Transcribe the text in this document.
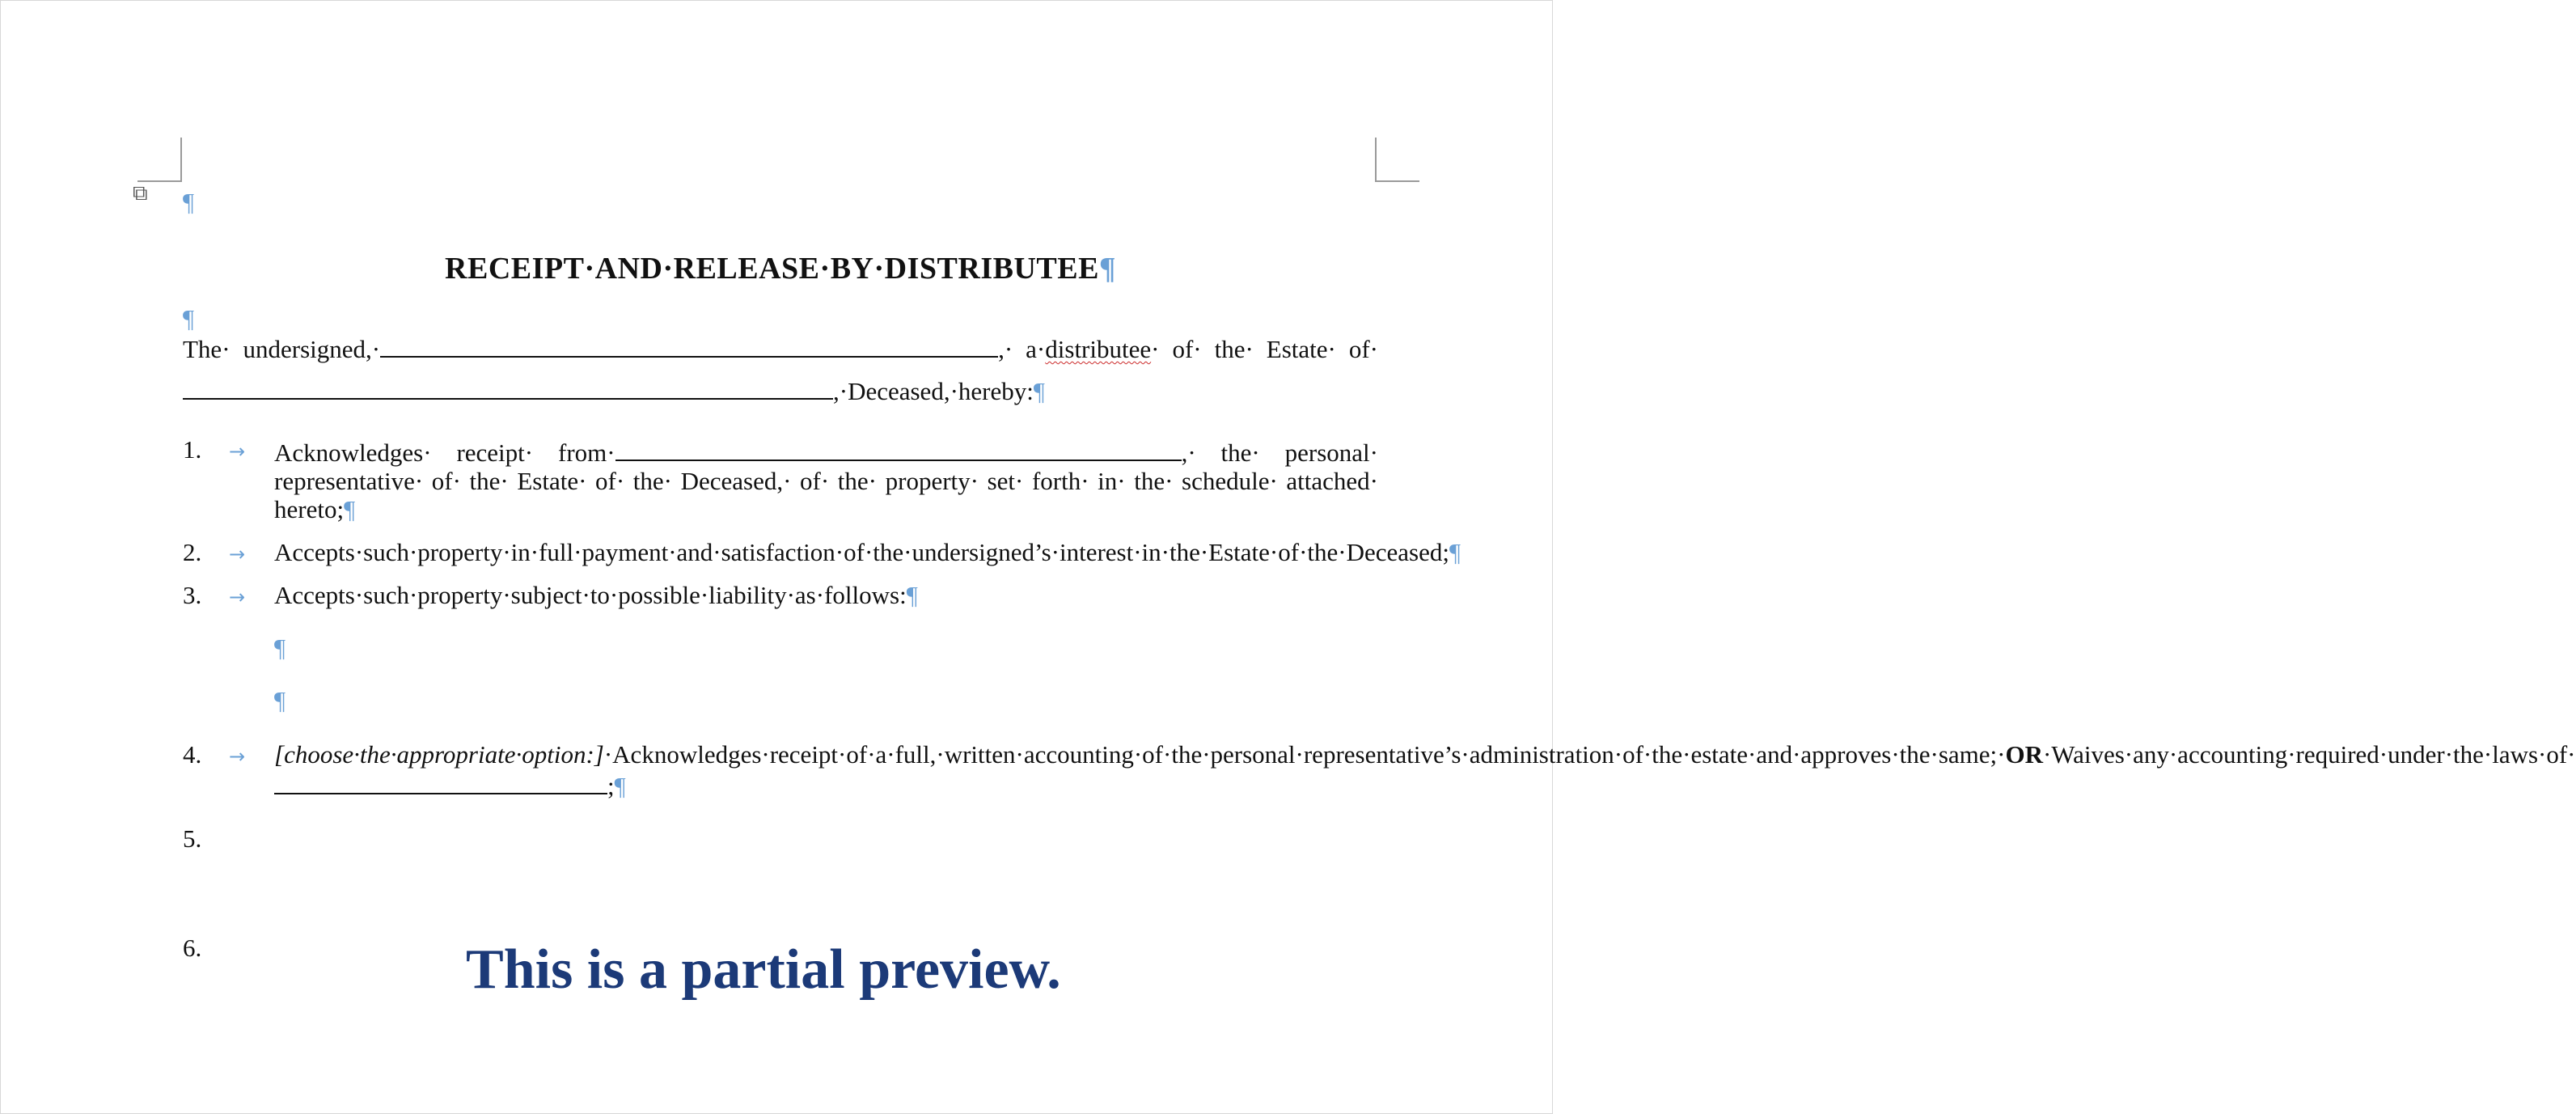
⧉ ¶
RECEIPT·AND·RELEASE·BY·DISTRIBUTEE¶
¶
The· undersigned,·	,· a·distributee· of· the· Estate· of·
,·Deceased,·hereby:¶
1.	→ Acknowledges· receipt· from·	,· the· personal· representative· of· the· Estate· of· the· Deceased,· of· the· property· set· forth· in· the· schedule· attached· hereto;¶
2.	→ Accepts·such·property·in·full·payment·and·satisfaction·of·the·undersigned’s·interest·in·the·Estate·of·the·Deceased;¶
3.	→ Accepts·such·property·subject·to·possible·liability·as·follows:¶
¶
¶
4.	→ [choose·the·appropriate·option:]·Acknowledges·receipt·of·a·full,·written·accounting·of·the·personal·representative’s·administration·of·the·estate·and·approves·the·same;·OR·Waives·any·accounting·required·under·the·laws·of·;¶
5.

6.
	This is a partial preview.
